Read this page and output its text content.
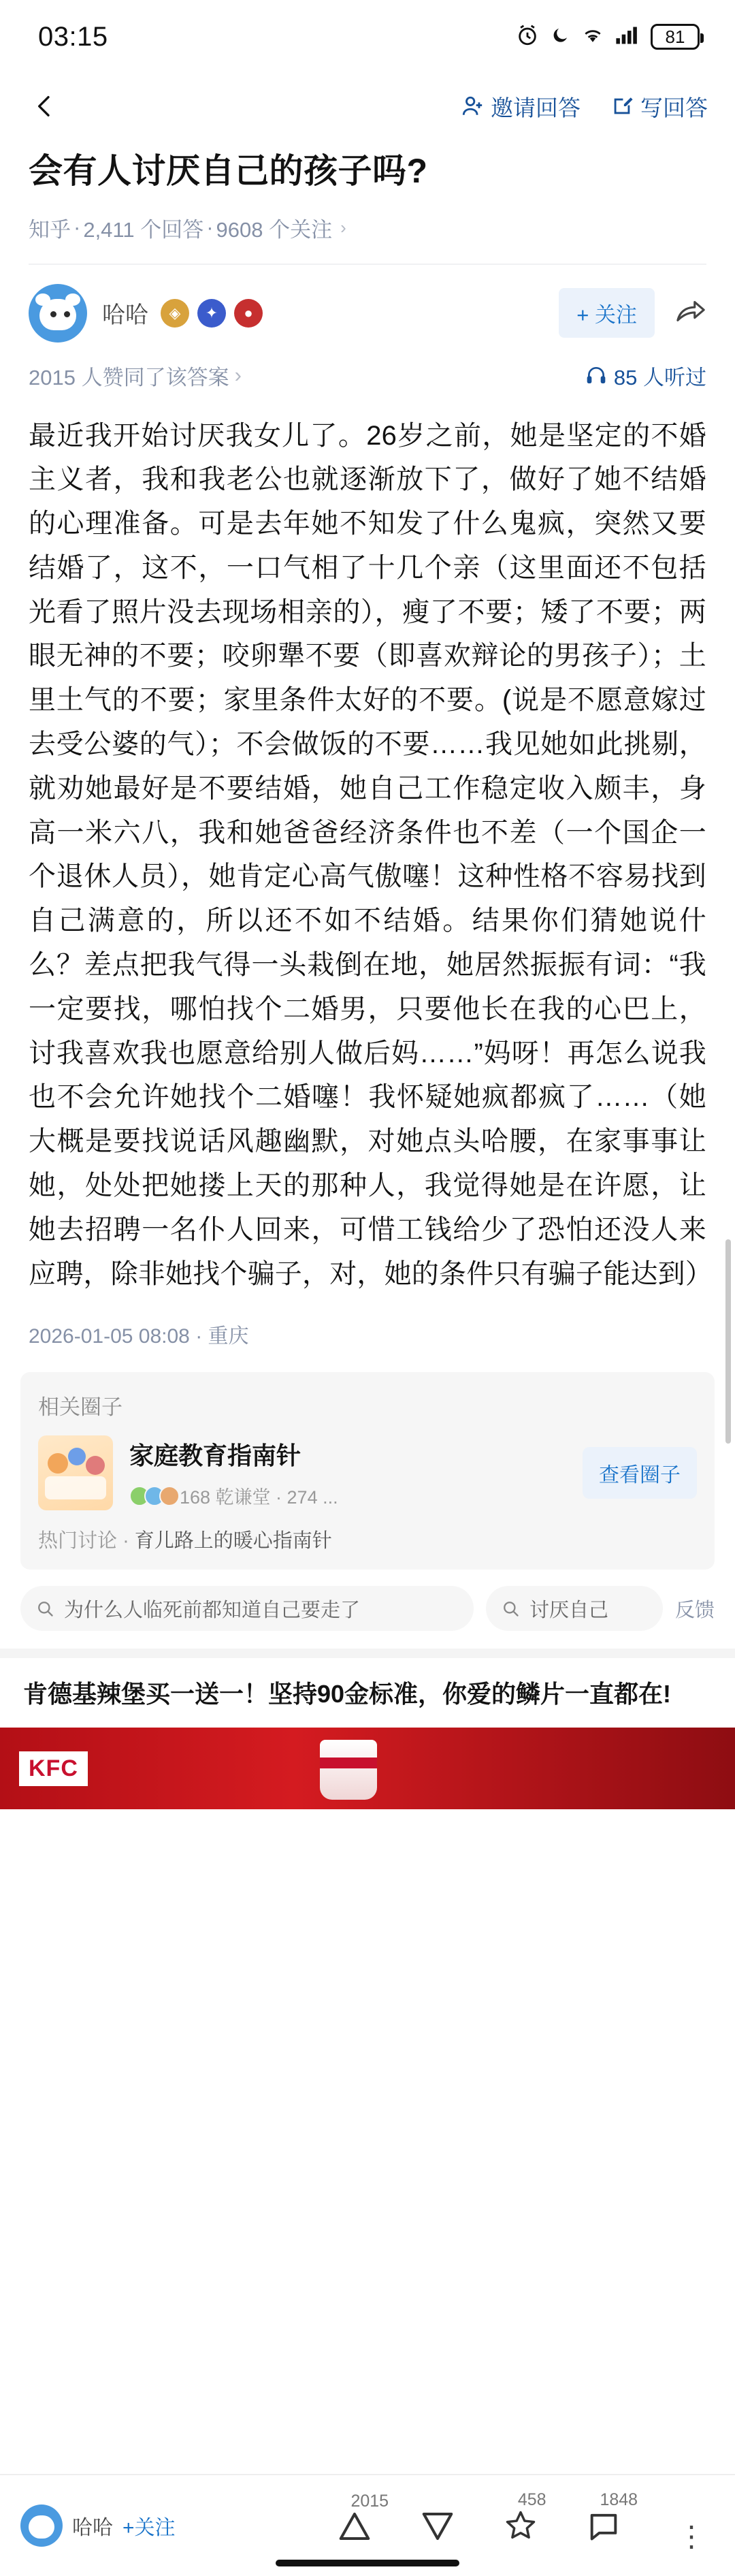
03:15	81
邀请回答	写回答
会有人讨厌自己的孩子吗?
知乎 · 2,411 个回答 · 9608 个关注 ›
哈哈	◈	✦	●	+ 关注
2015 人赞同了该答案 ›	85 人听过
最近我开始讨厌我女儿了。26岁之前，她是坚定的不婚主义者，我和我老公也就逐渐放下了，做好了她不结婚的心理准备。可是去年她不知发了什么鬼疯，突然又要结婚了，这不，一口气相了十几个亲（这里面还不包括光看了照片没去现场相亲的），瘦了不要；矮了不要；两眼无神的不要；咬卵犟不要（即喜欢辩论的男孩子）；土里土气的不要；家里条件太好的不要。(说是不愿意嫁过去受公婆的气）；不会做饭的不要……我见她如此挑剔，就劝她最好是不要结婚，她自己工作稳定收入颇丰，身高一米六八，我和她爸爸经济条件也不差（一个国企一个退休人员），她肯定心高气傲噻！这种性格不容易找到自己满意的，所以还不如不结婚。结果你们猜她说什么？差点把我气得一头栽倒在地，她居然振振有词：“我一定要找，哪怕找个二婚男，只要他长在我的心巴上，讨我喜欢我也愿意给别人做后妈……”妈呀！再怎么说我也不会允许她找个二婚噻！我怀疑她疯都疯了……（她大概是要找说话风趣幽默，对她点头哈腰，在家事事让她，处处把她搂上天的那种人，我觉得她是在许愿，让她去招聘一名仆人回来，可惜工钱给少了恐怕还没人来应聘，除非她找个骗子，对，她的条件只有骗子能达到）
2026-01-05 08:08 · 重庆
相关圈子
家庭教育指南针
168 乾谦堂 · 274 ...
查看圈子
热门讨论 · 育儿路上的暖心指南针
为什么人临死前都知道自己要走了	讨厌自己	反馈
肯德基辣堡买一送一！坚持90金标准，你爱的鳞片一直都在!
KFC
哈哈 +关注
2015	458	1848
⋮
